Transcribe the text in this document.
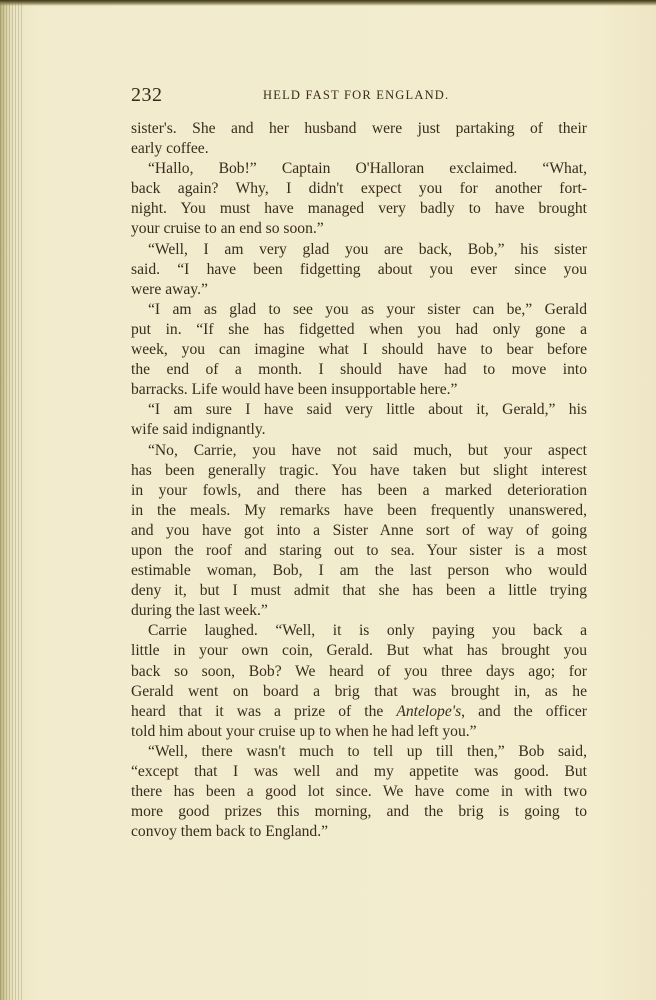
232	HELD FAST FOR ENGLAND.
sister's. She and her husband were just partaking of their
early coffee.
“Hallo, Bob!” Captain O'Halloran exclaimed. “What,
back again? Why, I didn't expect you for another fort-
night. You must have managed very badly to have brought
your cruise to an end so soon.”
“Well, I am very glad you are back, Bob,” his sister
said. “I have been fidgetting about you ever since you
were away.”
“I am as glad to see you as your sister can be,” Gerald
put in. “If she has fidgetted when you had only gone a
week, you can imagine what I should have to bear before
the end of a month. I should have had to move into
barracks. Life would have been insupportable here.”
“I am sure I have said very little about it, Gerald,” his
wife said indignantly.
“No, Carrie, you have not said much, but your aspect
has been generally tragic. You have taken but slight interest
in your fowls, and there has been a marked deterioration
in the meals. My remarks have been frequently unanswered,
and you have got into a Sister Anne sort of way of going
upon the roof and staring out to sea. Your sister is a most
estimable woman, Bob, I am the last person who would
deny it, but I must admit that she has been a little trying
during the last week.”
Carrie laughed. “Well, it is only paying you back a
little in your own coin, Gerald. But what has brought you
back so soon, Bob? We heard of you three days ago; for
Gerald went on board a brig that was brought in, as he
heard that it was a prize of the Antelope's, and the officer
told him about your cruise up to when he had left you.”
“Well, there wasn't much to tell up till then,” Bob said,
“except that I was well and my appetite was good. But
there has been a good lot since. We have come in with two
more good prizes this morning, and the brig is going to
convoy them back to England.”
